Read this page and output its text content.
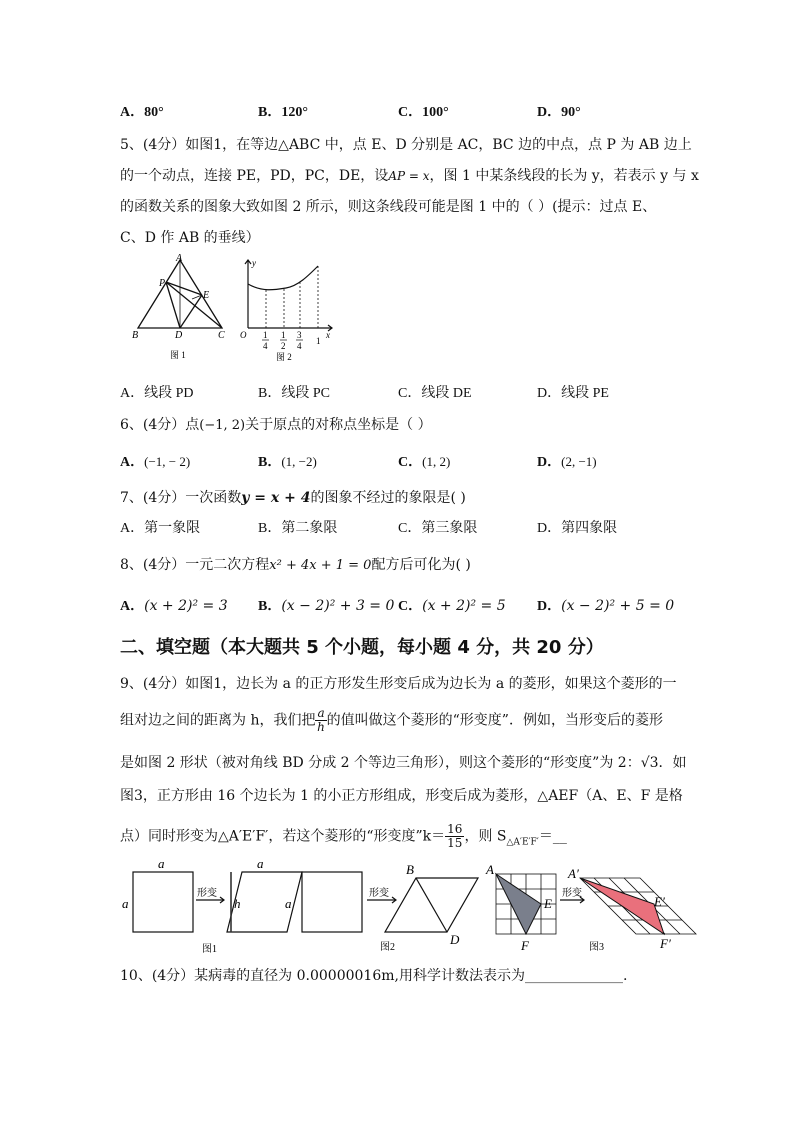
A．80°	B．120°	C．100°	D．90°
5、(4分）如图1，在等边△ABC 中，点 E、D 分别是 AC，BC 边的中点，点 P 为 AB 边上
的一个动点，连接 PE，PD，PC，DE，设AP = x，图 1 中某条线段的长为 y，若表示 y 与 x
的函数关系的图象大致如图 2 所示，则这条线段可能是图 1 中的（ ）(提示：过点 E、
C、D 作 AB 的垂线）
A
P
E
B	D	C
图 1
y
x
O 1
4
1
2
3
4 1
图 2
A．线段 PD	B．线段 PC	C．线段 DE	D．线段 PE
6、(4分）点(−1, 2)关于原点的对称点坐标是（ ）
A．(−1, − 2)	B．(1, −2)	C．(1, 2)	D．(2, −1)
7、(4分）一次函数y = x + 4的图象不经过的象限是( )
A．第一象限	B．第二象限	C．第三象限	D．第四象限
8、(4分）一元二次方程x² + 4x + 1 = 0配方后可化为( )
A．(x + 2)² = 3 B．(x − 2)² + 3 = 0 C．(x + 2)² = 5 D．(x − 2)² + 5 = 0
二、填空题（本大题共 5 个小题，每小题 4 分，共 20 分）
9、(4分）如图1，边长为 a 的正方形发生形变后成为边长为 a 的菱形，如果这个菱形的一
组对边之间的距离为 h，我们把 $\frac{a}{h}$ 的值叫做这个菱形的“形变度”．例如，当形变后的菱形
是如图 2 形状（被对角线 BD 分成 2 个等边三角形），则这个菱形的“形变度”为 2：√3．如
图3，正方形由 16 个边长为 1 的小正方形组成，形变后成为菱形，△AEF（A、E、F 是格
点）同时形变为△A′E′F′，若这个菱形的“形变度”k＝ $\frac{16}{15}$ ，则 $S_{\triangle A'E'F'}=\_\_$
a
a
a
h	a
B
D
A
E
F
A′
E′
F′
形变	形变	形变
图1	图2	图3
10、(4分）某病毒的直径为 0.00000016m,用科学计数法表示为______________.
